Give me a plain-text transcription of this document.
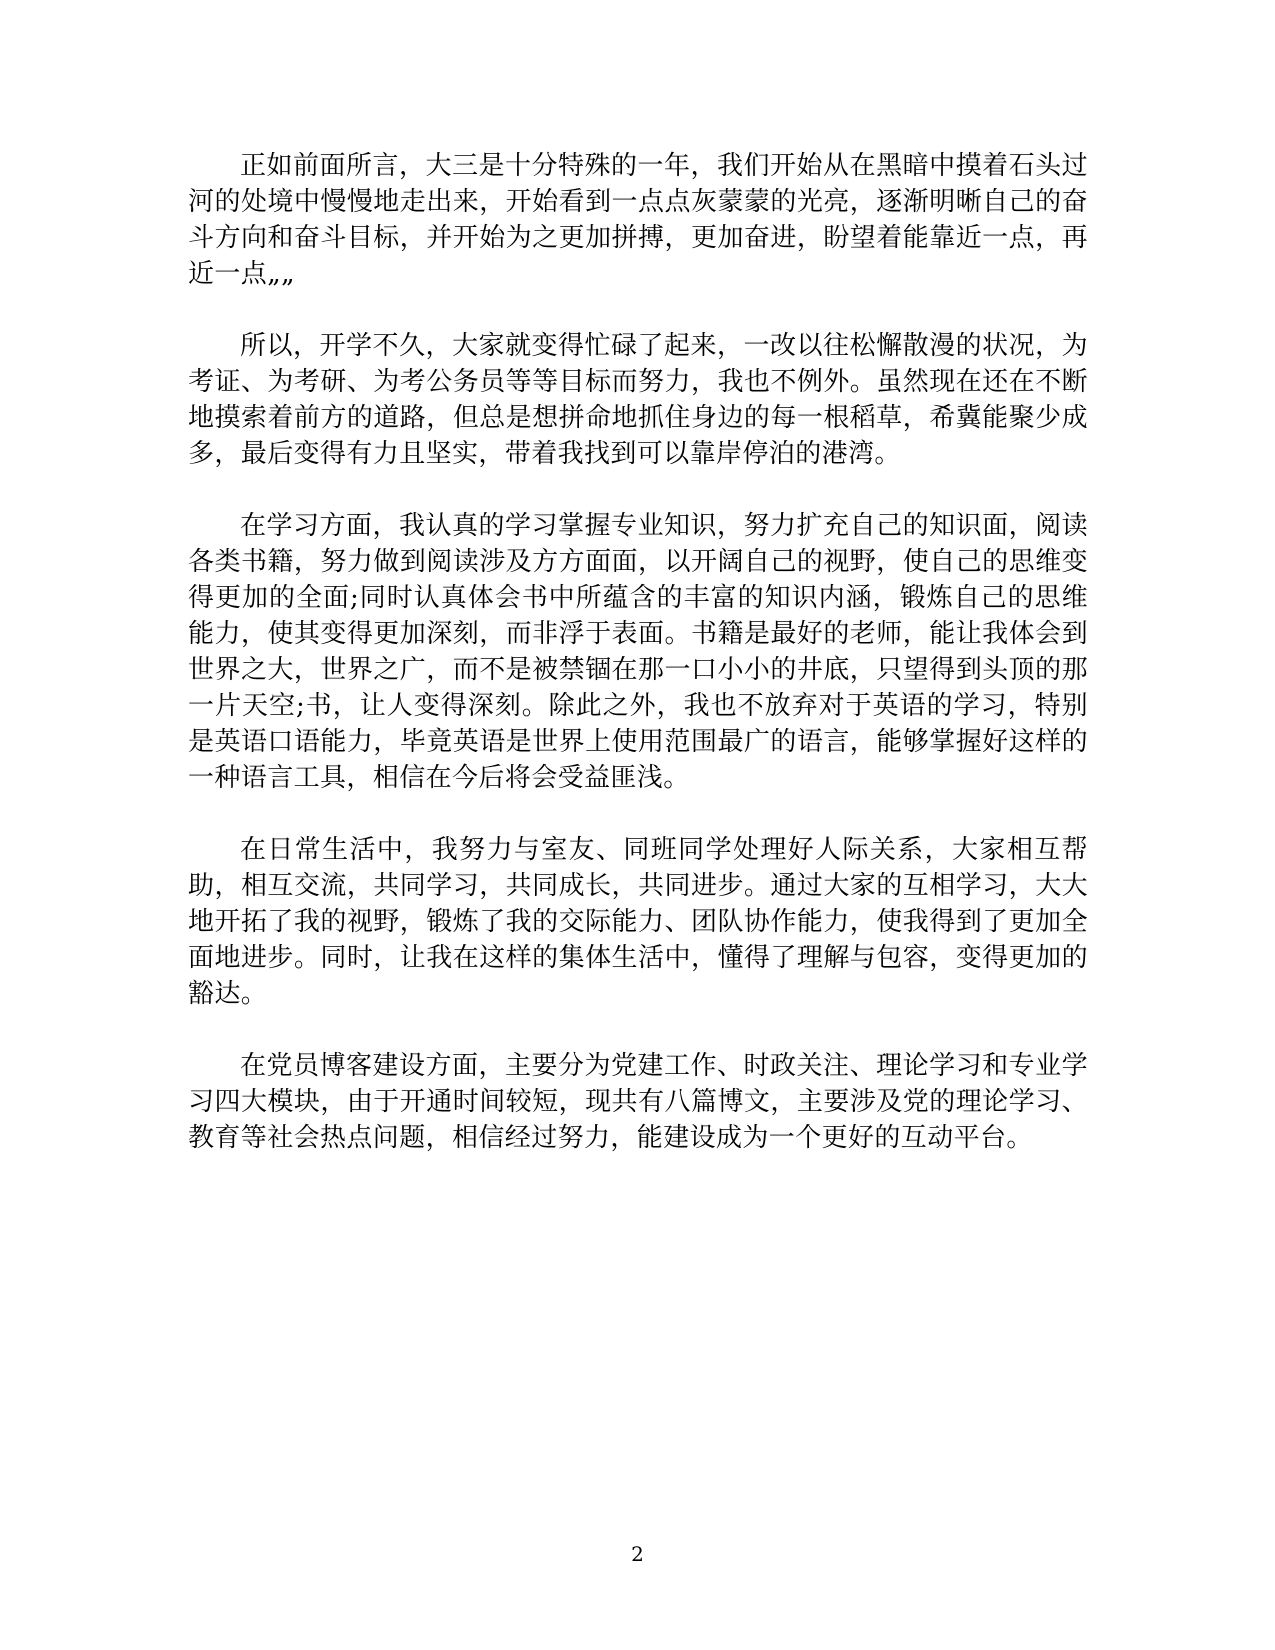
正如前面所言，大三是十分特殊的一年，我们开始从在黑暗中摸着石头过河的处境中慢慢地走出来，开始看到一点点灰蒙蒙的光亮，逐渐明晰自己的奋斗方向和奋斗目标，并开始为之更加拼搏，更加奋进，盼望着能靠近一点，再近一点„„

所以，开学不久，大家就变得忙碌了起来，一改以往松懈散漫的状况，为考证、为考研、为考公务员等等目标而努力，我也不例外。虽然现在还在不断地摸索着前方的道路，但总是想拼命地抓住身边的每一根稻草，希冀能聚少成多，最后变得有力且坚实，带着我找到可以靠岸停泊的港湾。

在学习方面，我认真的学习掌握专业知识，努力扩充自己的知识面，阅读各类书籍，努力做到阅读涉及方方面面，以开阔自己的视野，使自己的思维变得更加的全面;同时认真体会书中所蕴含的丰富的知识内涵，锻炼自己的思维能力，使其变得更加深刻，而非浮于表面。书籍是最好的老师，能让我体会到世界之大，世界之广，而不是被禁锢在那一口小小的井底，只望得到头顶的那一片天空;书，让人变得深刻。除此之外，我也不放弃对于英语的学习，特别是英语口语能力，毕竟英语是世界上使用范围最广的语言，能够掌握好这样的一种语言工具，相信在今后将会受益匪浅。

在日常生活中，我努力与室友、同班同学处理好人际关系，大家相互帮助，相互交流，共同学习，共同成长，共同进步。通过大家的互相学习，大大地开拓了我的视野，锻炼了我的交际能力、团队协作能力，使我得到了更加全面地进步。同时，让我在这样的集体生活中，懂得了理解与包容，变得更加的豁达。

在党员博客建设方面，主要分为党建工作、时政关注、理论学习和专业学习四大模块，由于开通时间较短，现共有八篇博文，主要涉及党的理论学习、教育等社会热点问题，相信经过努力，能建设成为一个更好的互动平台。

2
